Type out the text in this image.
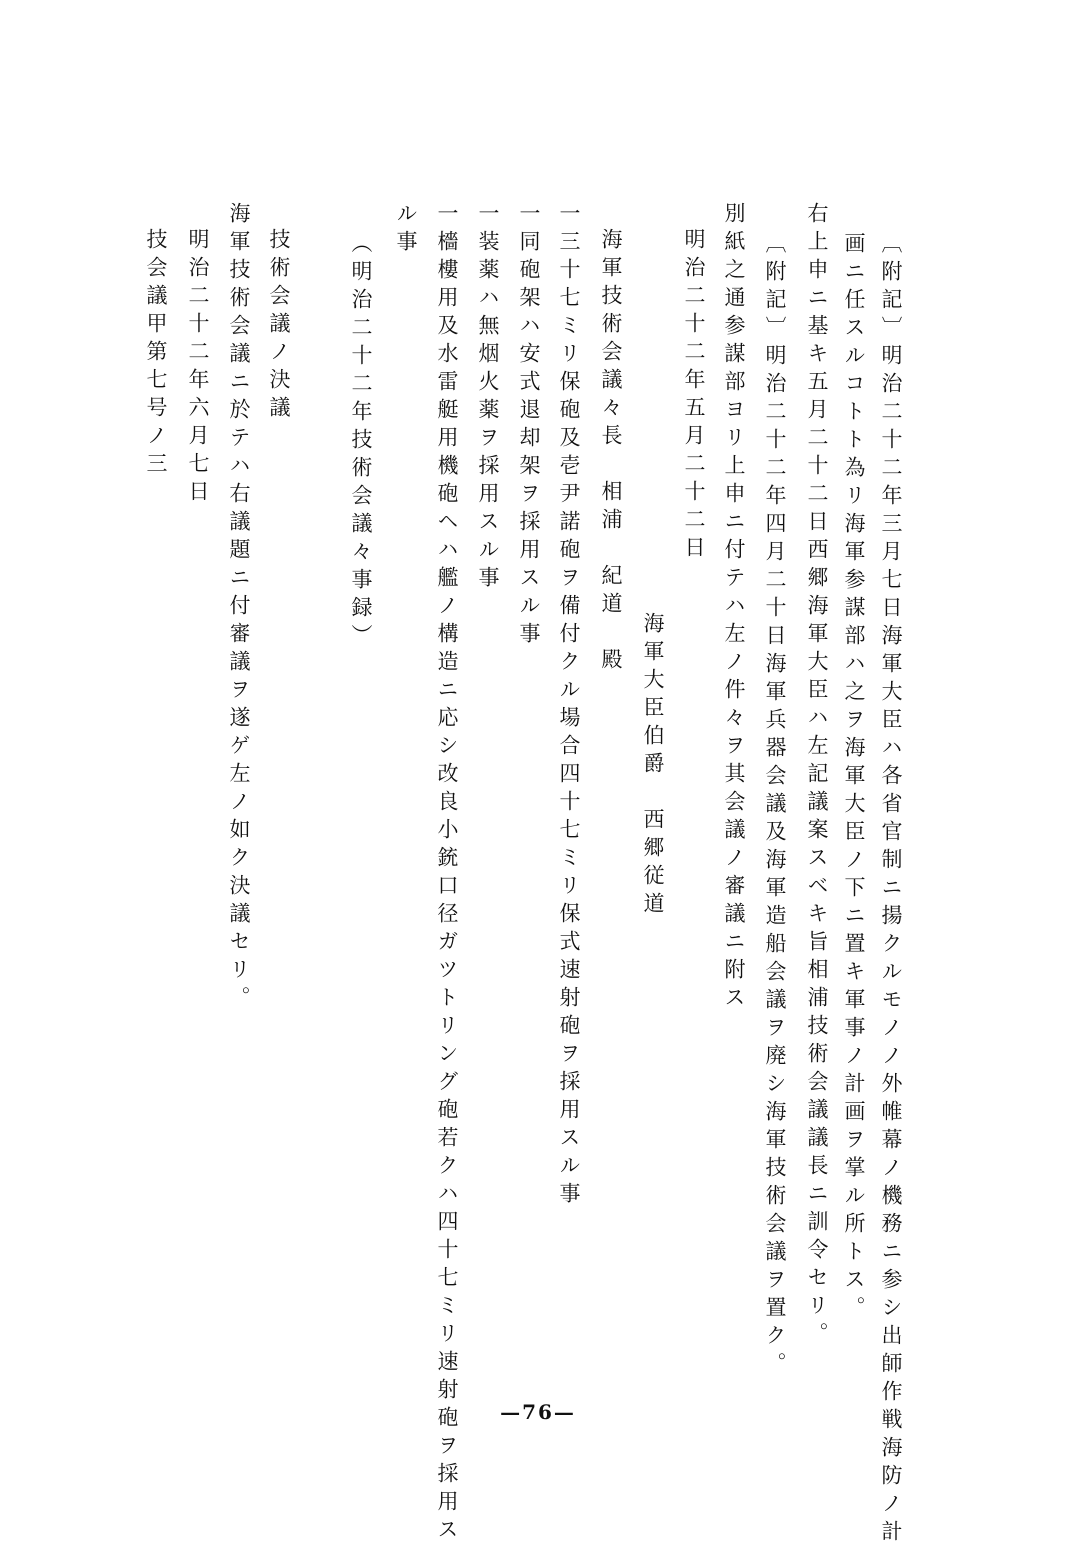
〔附記〕明治二十二年三月七日海軍大臣ハ各省官制ニ揚クルモノノ外帷幕ノ機務ニ参シ出師作戦海防ノ計
画ニ任スルコトト為リ海軍参謀部ハ之ヲ海軍大臣ノ下ニ置キ軍事ノ計画ヲ掌ル所トス。
右上申ニ基キ五月二十二日西郷海軍大臣ハ左記議案スベキ旨相浦技術会議議長ニ訓令セリ。
〔附記〕明治二十二年四月二十日海軍兵器会議及海軍造船会議ヲ廃シ海軍技術会議ヲ置ク。
別紙之通参謀部ヨリ上申ニ付テハ左ノ件々ヲ其会議ノ審議ニ附ス
明治二十二年五月二十二日
海軍大臣伯爵　西郷従道
海軍技術会議々長　相浦　紀道　殿
一三十七ミリ保砲及壱尹諾砲ヲ備付クル場合四十七ミリ保式速射砲ヲ採用スル事
一同砲架ハ安式退却架ヲ採用スル事
一装薬ハ無烟火薬ヲ採用スル事
一檣樓用及水雷艇用機砲ヘハ艦ノ構造ニ応シ改良小銃口径ガツトリング砲若クハ四十七ミリ速射砲ヲ採用ス
ル事
（明治二十二年技術会議々事録）
技術会議ノ決議
海軍技術会議ニ於テハ右議題ニ付審議ヲ遂ゲ左ノ如ク決議セリ。
明治二十二年六月七日
技会議甲第七号ノ三
—76—
